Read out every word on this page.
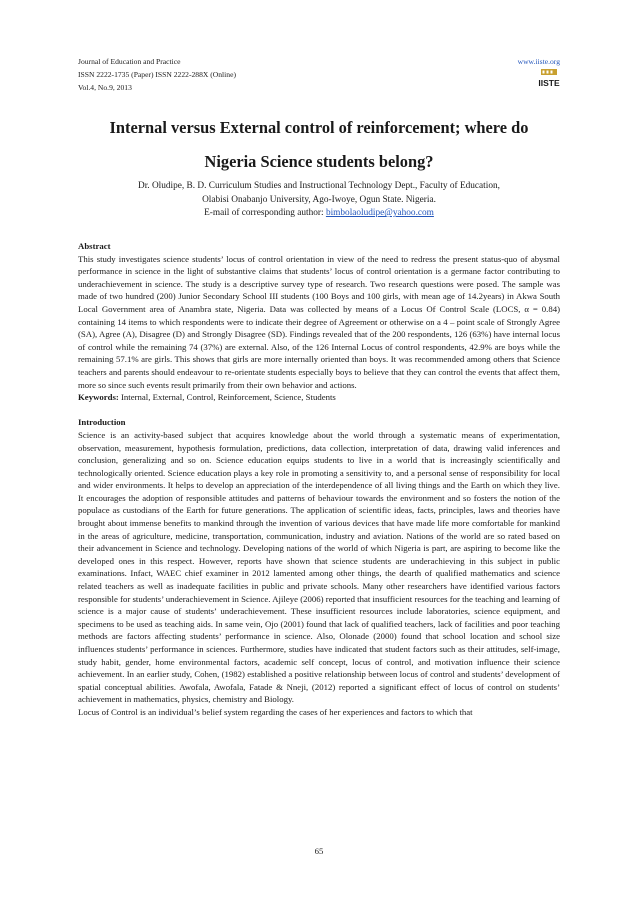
Journal of Education and Practice
ISSN 2222-1735 (Paper) ISSN 2222-288X (Online)
Vol.4, No.9, 2013
www.iiste.org
IISTE
Internal versus External control of reinforcement; where do
Nigeria Science students belong?
Dr. Oludipe, B. D. Curriculum Studies and Instructional Technology Dept., Faculty of Education,
Olabisi Onabanjo University, Ago-Iwoye, Ogun State. Nigeria.
E-mail of corresponding author: bimbolaoludipe@yahoo.com
Abstract

This study investigates science students’ locus of control orientation in view of the need to redress the present status-quo of abysmal performance in science in the light of substantive claims that students’ locus of control orientation is a germane factor contributing to underachievement in science. The study is a descriptive survey type of research. Two research questions were posed. The sample was made of two hundred (200) Junior Secondary School III students (100 Boys and 100 girls, with mean age of 14.2years) in Akwa South Local Government area of Anambra state, Nigeria. Data was collected by means of a Locus Of Control Scale (LOCS, α = 0.84) containing 14 items to which respondents were to indicate their degree of Agreement or otherwise on a 4 – point scale of Strongly Agree (SA), Agree (A), Disagree (D) and Strongly Disagree (SD). Findings revealed that of the 200 respondents, 126 (63%) have internal locus of control while the remaining 74 (37%) are external. Also, of the 126 Internal Locus of control respondents, 42.9% are boys while the remaining 57.1% are girls. This shows that girls are more internally oriented than boys. It was recommended among others that Science teachers and parents should endeavour to re-orientate students especially boys to believe that they can control the events that affect them, more so since such events result primarily from their own behavior and actions.

Keywords: Internal, External, Control, Reinforcement, Science, Students

Introduction

Science is an activity-based subject that acquires knowledge about the world through a systematic means of experimentation, observation, measurement, hypothesis formulation, predictions, data collection, interpretation of data, drawing valid inferences and conclusion, generalizing and so on. Science education equips students to live in a world that is increasingly scientifically and technologically oriented. Science education plays a key role in promoting a sensitivity to, and a personal sense of responsibility for local and wider environments. It helps to develop an appreciation of the interdependence of all living things and the Earth on which they live. It encourages the adoption of responsible attitudes and patterns of behaviour towards the environment and so fosters the notion of the populace as custodians of the Earth for future generations. The application of scientific ideas, facts, principles, laws and theories have brought about immense benefits to mankind through the invention of various devices that have made life more comfortable for mankind in the areas of agriculture, medicine, transportation, communication, industry and aviation. Nations of the world are so rated based on their advancement in Science and technology. Developing nations of the world of which Nigeria is part, are aspiring to become like the developed ones in this respect. However, reports have shown that science students are underachieving in this subject in public examinations. Infact, WAEC chief examiner in 2012 lamented among other things, the dearth of qualified mathematics and science related teachers as well as inadequate facilities in public and private schools. Many other researchers have identified various factors responsible for students’ underachievement in Science. Ajileye (2006) reported that insufficient resources for the teaching and learning of science is a major cause of students’ underachievement. These insufficient resources include laboratories, science equipment, and specimens to be used as teaching aids. In same vein, Ojo (2001) found that lack of qualified teachers, lack of facilities and poor teaching methods are factors affecting students’ performance in science. Also, Olonade (2000) found that school location and school size influences students’ performance in sciences. Furthermore, studies have indicated that student factors such as their attitudes, self-image, study habit, gender, home environmental factors, academic self concept, locus of control, and motivation influence their science achievement. In an earlier study, Cohen, (1982) established a positive relationship between locus of control and students’ development of spatial conceptual abilities. Awofala, Awofala, Fatade & Nneji, (2012) reported a significant effect of locus of control on students’ achievement in mathematics, physics, chemistry and Biology.

Locus of Control is an individual’s belief system regarding the cases of her experiences and factors to which that

65
